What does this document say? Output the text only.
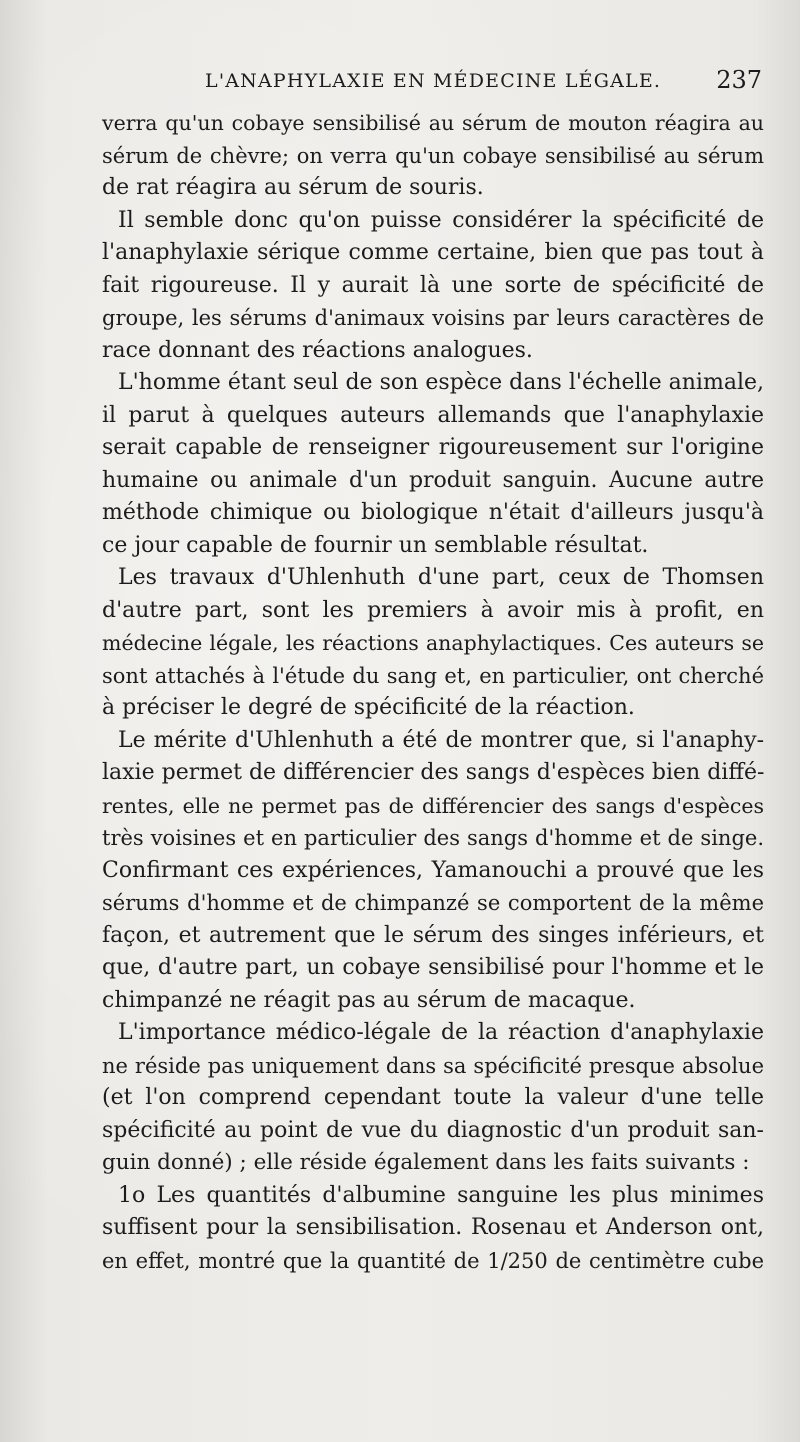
L'ANAPHYLAXIE EN MÉDECINE LÉGALE. 237
verra qu'un cobaye sensibilisé au sérum de mouton réagira au
sérum de chèvre; on verra qu'un cobaye sensibilisé au sérum
de rat réagira au sérum de souris.
Il semble donc qu'on puisse considérer la spécificité de
l'anaphylaxie sérique comme certaine, bien que pas tout à
fait rigoureuse. Il y aurait là une sorte de spécificité de
groupe, les sérums d'animaux voisins par leurs caractères de
race donnant des réactions analogues.
L'homme étant seul de son espèce dans l'échelle animale,
il parut à quelques auteurs allemands que l'anaphylaxie
serait capable de renseigner rigoureusement sur l'origine
humaine ou animale d'un produit sanguin. Aucune autre
méthode chimique ou biologique n'était d'ailleurs jusqu'à
ce jour capable de fournir un semblable résultat.
Les travaux d'Uhlenhuth d'une part, ceux de Thomsen
d'autre part, sont les premiers à avoir mis à profit, en
médecine légale, les réactions anaphylactiques. Ces auteurs se
sont attachés à l'étude du sang et, en particulier, ont cherché
à préciser le degré de spécificité de la réaction.
Le mérite d'Uhlenhuth a été de montrer que, si l'anaphy-
laxie permet de différencier des sangs d'espèces bien diffé-
rentes, elle ne permet pas de différencier des sangs d'espèces
très voisines et en particulier des sangs d'homme et de singe.
Confirmant ces expériences, Yamanouchi a prouvé que les
sérums d'homme et de chimpanzé se comportent de la même
façon, et autrement que le sérum des singes inférieurs, et
que, d'autre part, un cobaye sensibilisé pour l'homme et le
chimpanzé ne réagit pas au sérum de macaque.
L'importance médico-légale de la réaction d'anaphylaxie
ne réside pas uniquement dans sa spécificité presque absolue
(et l'on comprend cependant toute la valeur d'une telle
spécificité au point de vue du diagnostic d'un produit san-
guin donné) ; elle réside également dans les faits suivants :
1o Les quantités d'albumine sanguine les plus minimes
suffisent pour la sensibilisation. Rosenau et Anderson ont,
en effet, montré que la quantité de 1/250 de centimètre cube
